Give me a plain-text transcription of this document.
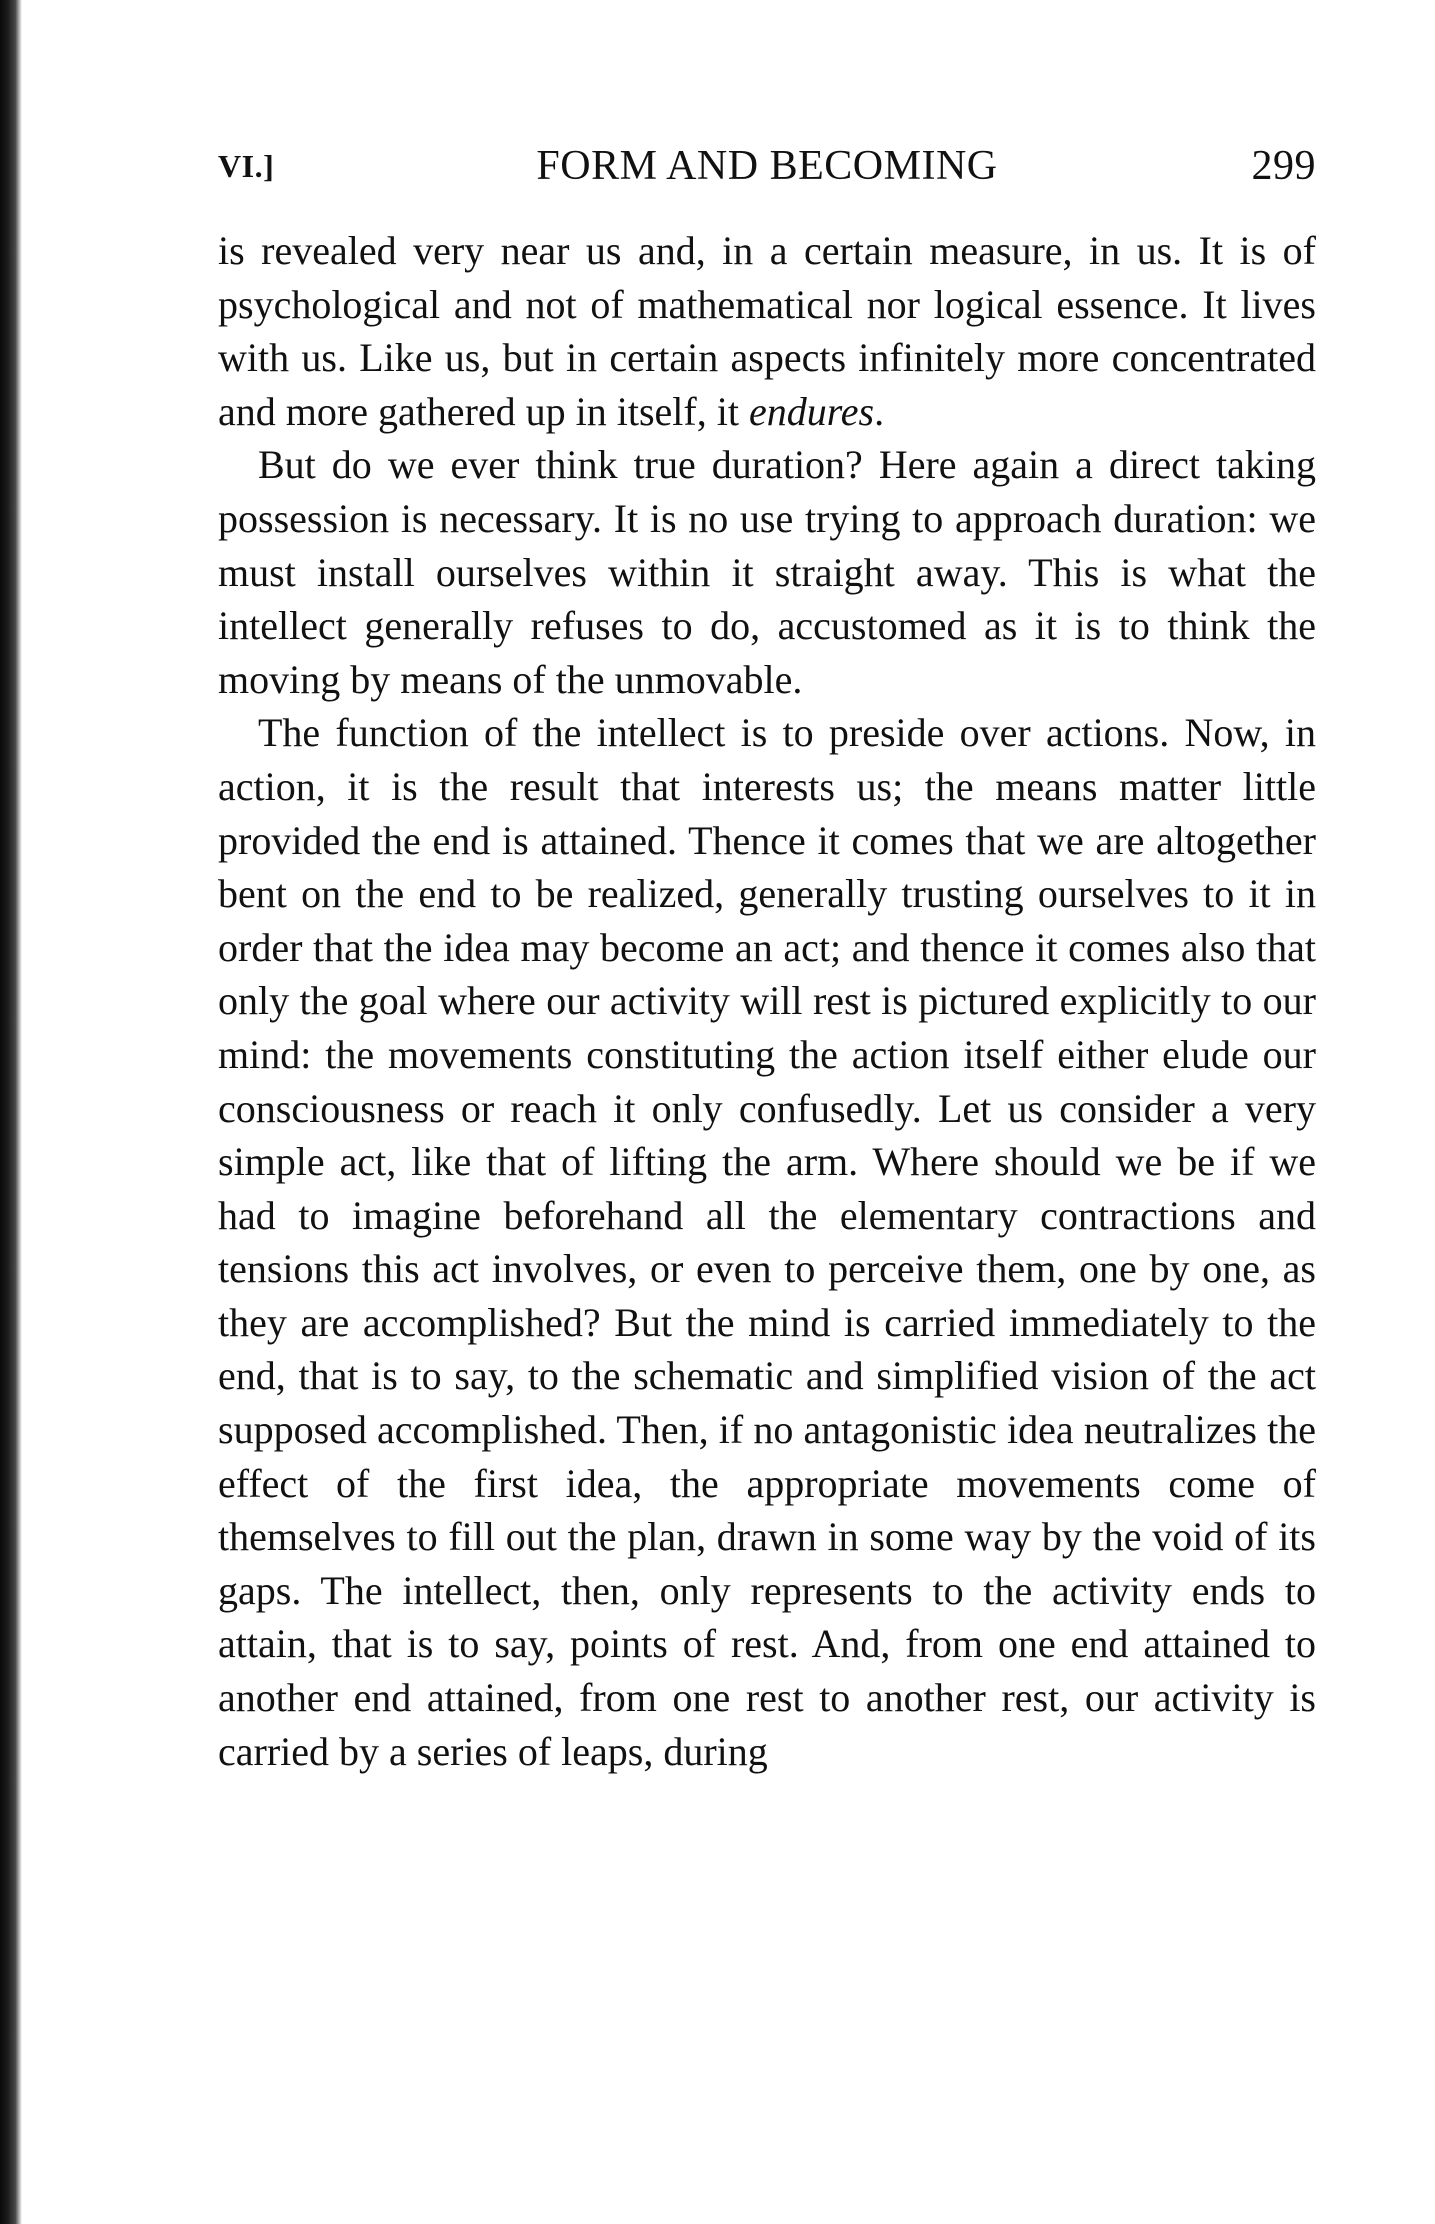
VI.]	FORM AND BECOMING	299

is revealed very near us and, in a certain measure, in us. It is of psychological and not of mathematical nor logical essence. It lives with us. Like us, but in certain aspects infinitely more concentrated and more gathered up in itself, it endures.

But do we ever think true duration? Here again a direct taking possession is necessary. It is no use trying to approach duration: we must install ourselves within it straight away. This is what the intellect generally refuses to do, accustomed as it is to think the moving by means of the unmovable.

The function of the intellect is to preside over actions. Now, in action, it is the result that interests us; the means matter little provided the end is attained. Thence it comes that we are altogether bent on the end to be realized, generally trusting ourselves to it in order that the idea may become an act; and thence it comes also that only the goal where our activity will rest is pictured explicitly to our mind: the movements constituting the action itself either elude our consciousness or reach it only confusedly. Let us consider a very simple act, like that of lifting the arm. Where should we be if we had to imagine beforehand all the elementary contractions and tensions this act involves, or even to perceive them, one by one, as they are accomplished? But the mind is carried immediately to the end, that is to say, to the schematic and simplified vision of the act supposed accomplished. Then, if no antagonistic idea neutralizes the effect of the first idea, the appropriate movements come of themselves to fill out the plan, drawn in some way by the void of its gaps. The intellect, then, only represents to the activity ends to attain, that is to say, points of rest. And, from one end attained to another end attained, from one rest to another rest, our activity is carried by a series of leaps, during
